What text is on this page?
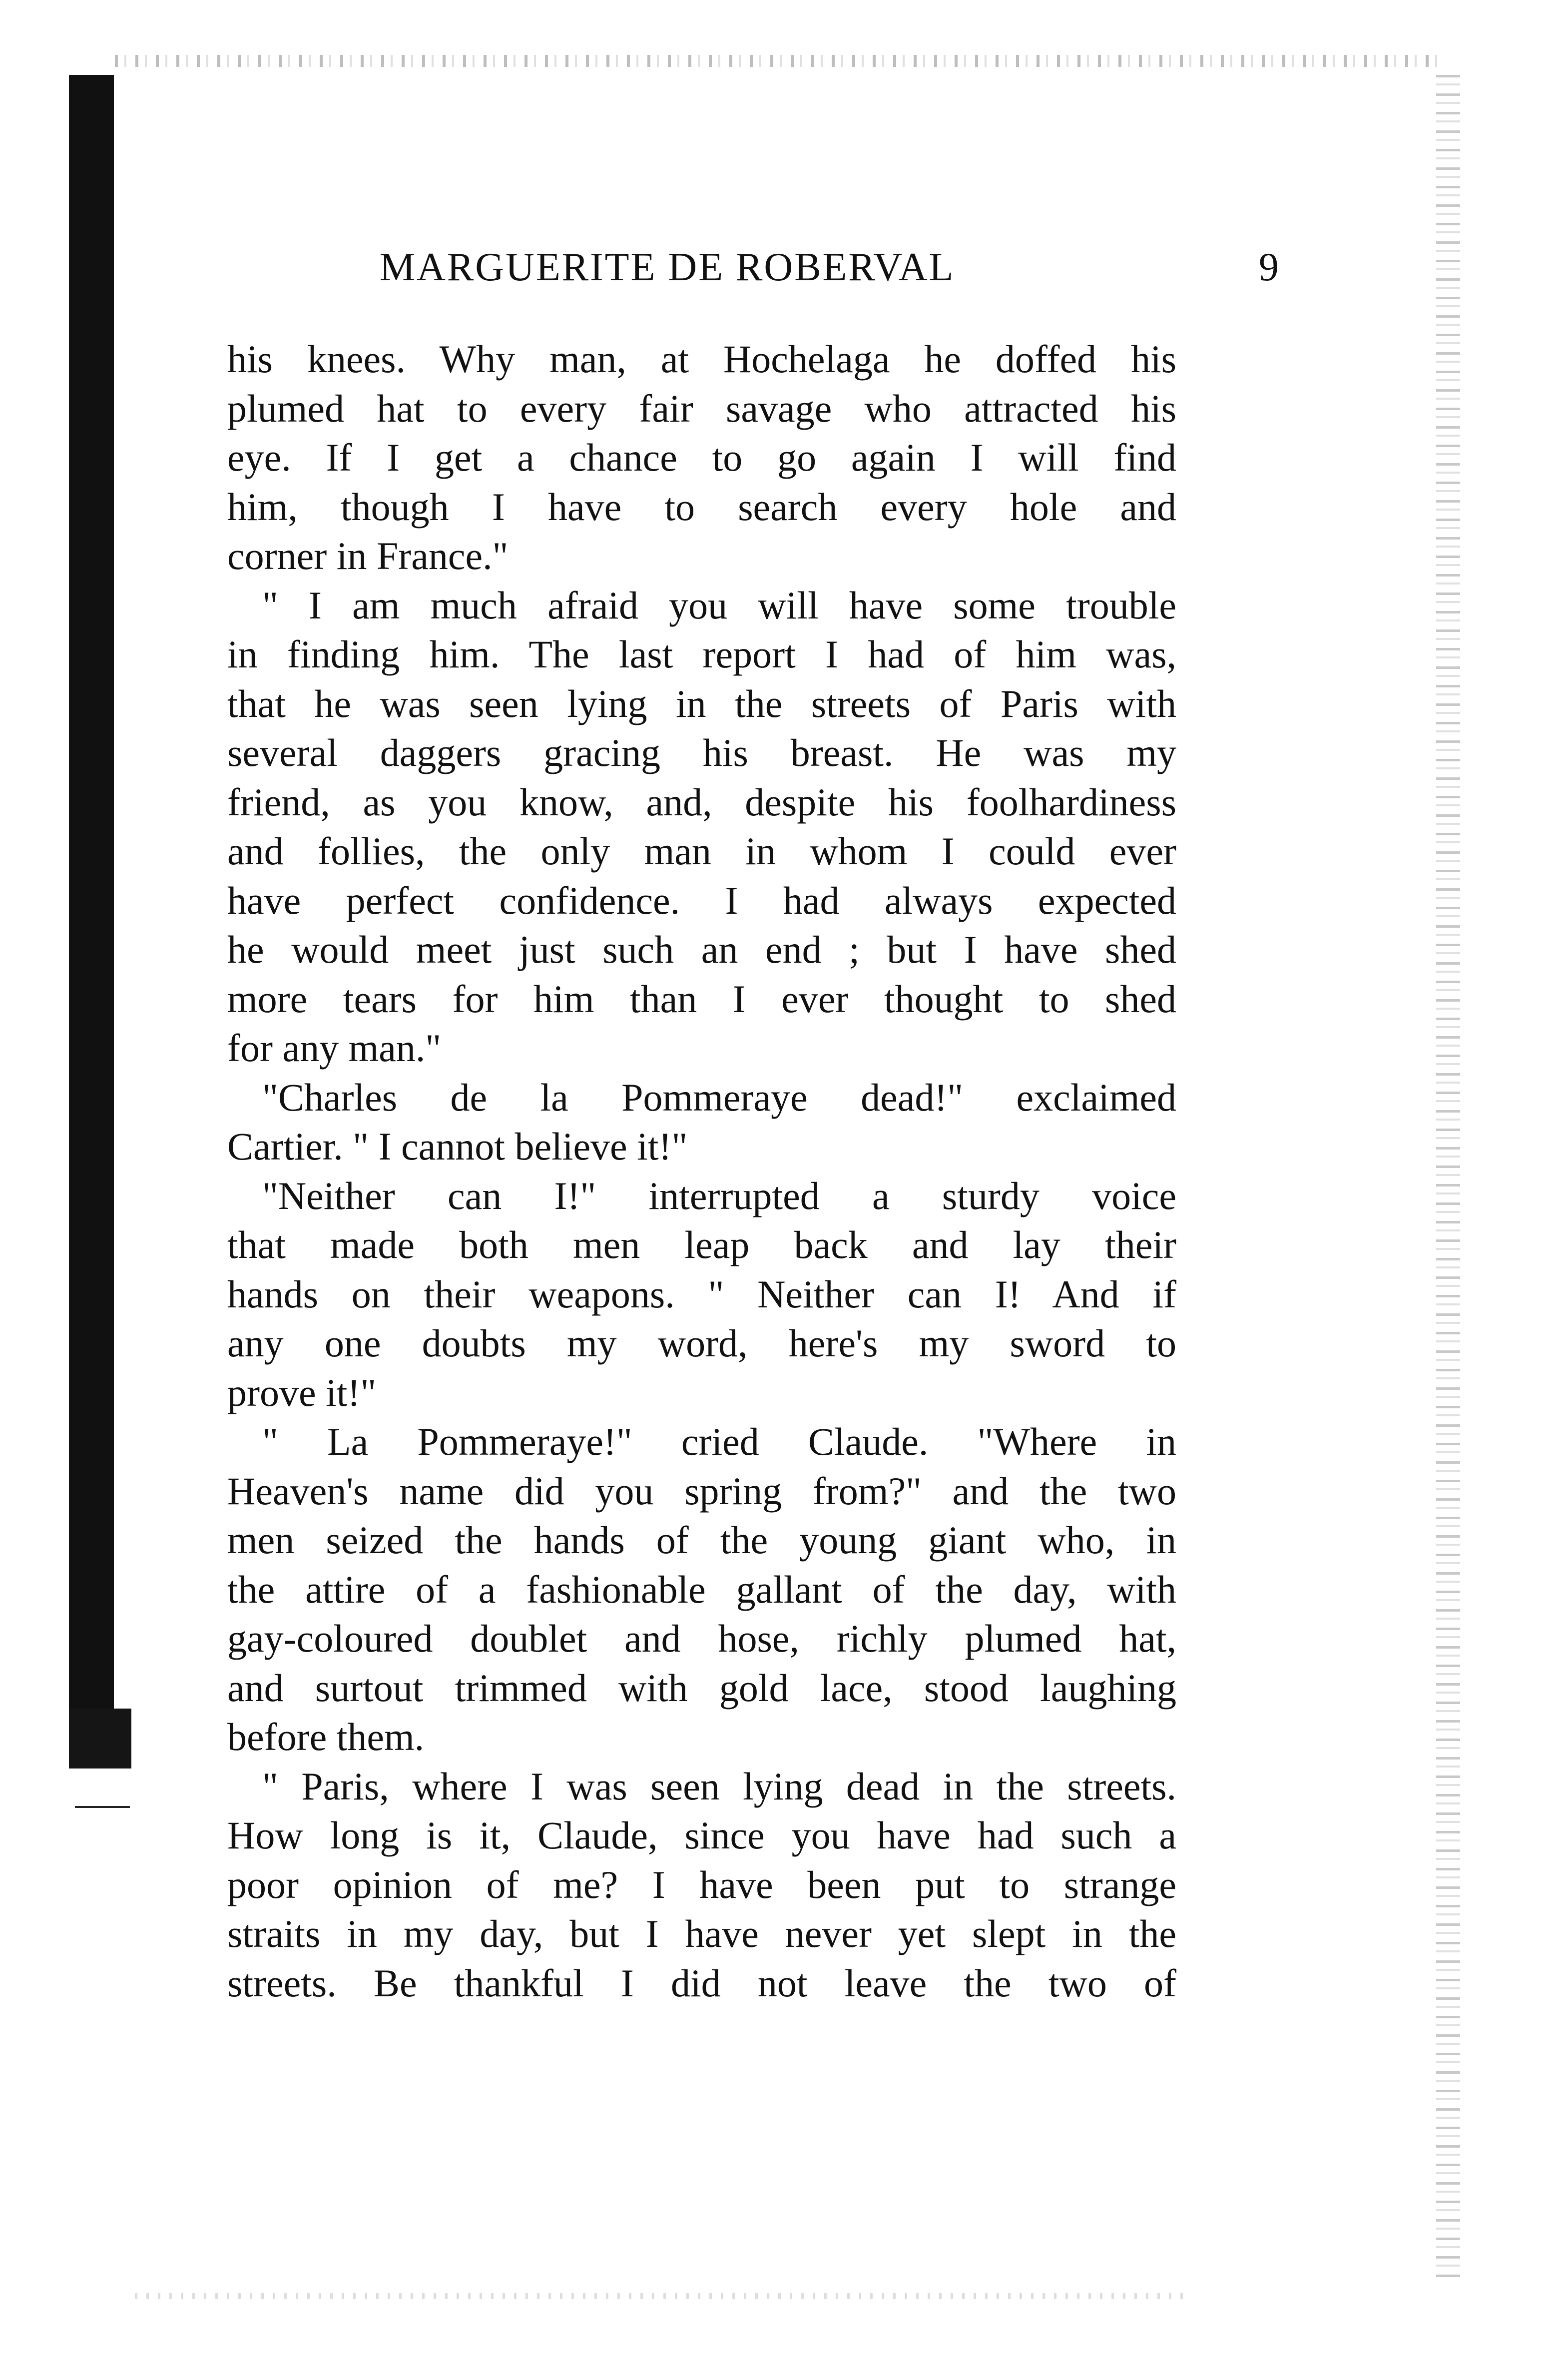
MARGUERITE DE ROBERVAL	9
his knees. Why man, at Hochelaga he doffed his
plumed hat to every fair savage who attracted his
eye. If I get a chance to go again I will find
him, though I have to search every hole and
corner in France."
" I am much afraid you will have some trouble
in finding him. The last report I had of him was,
that he was seen lying in the streets of Paris with
several daggers gracing his breast. He was my
friend, as you know, and, despite his foolhardiness
and follies, the only man in whom I could ever
have perfect confidence. I had always expected
he would meet just such an end ; but I have shed
more tears for him than I ever thought to shed
for any man."
"Charles de la Pommeraye dead!" exclaimed
Cartier. " I cannot believe it!"
"Neither can I!" interrupted a sturdy voice
that made both men leap back and lay their
hands on their weapons. " Neither can I! And if
any one doubts my word, here's my sword to
prove it!"
" La Pommeraye!" cried Claude. "Where in
Heaven's name did you spring from?" and the two
men seized the hands of the young giant who, in
the attire of a fashionable gallant of the day, with
gay-coloured doublet and hose, richly plumed hat,
and surtout trimmed with gold lace, stood laughing
before them.
" Paris, where I was seen lying dead in the streets.
How long is it, Claude, since you have had such a
poor opinion of me? I have been put to strange
straits in my day, but I have never yet slept in the
streets. Be thankful I did not leave the two of
